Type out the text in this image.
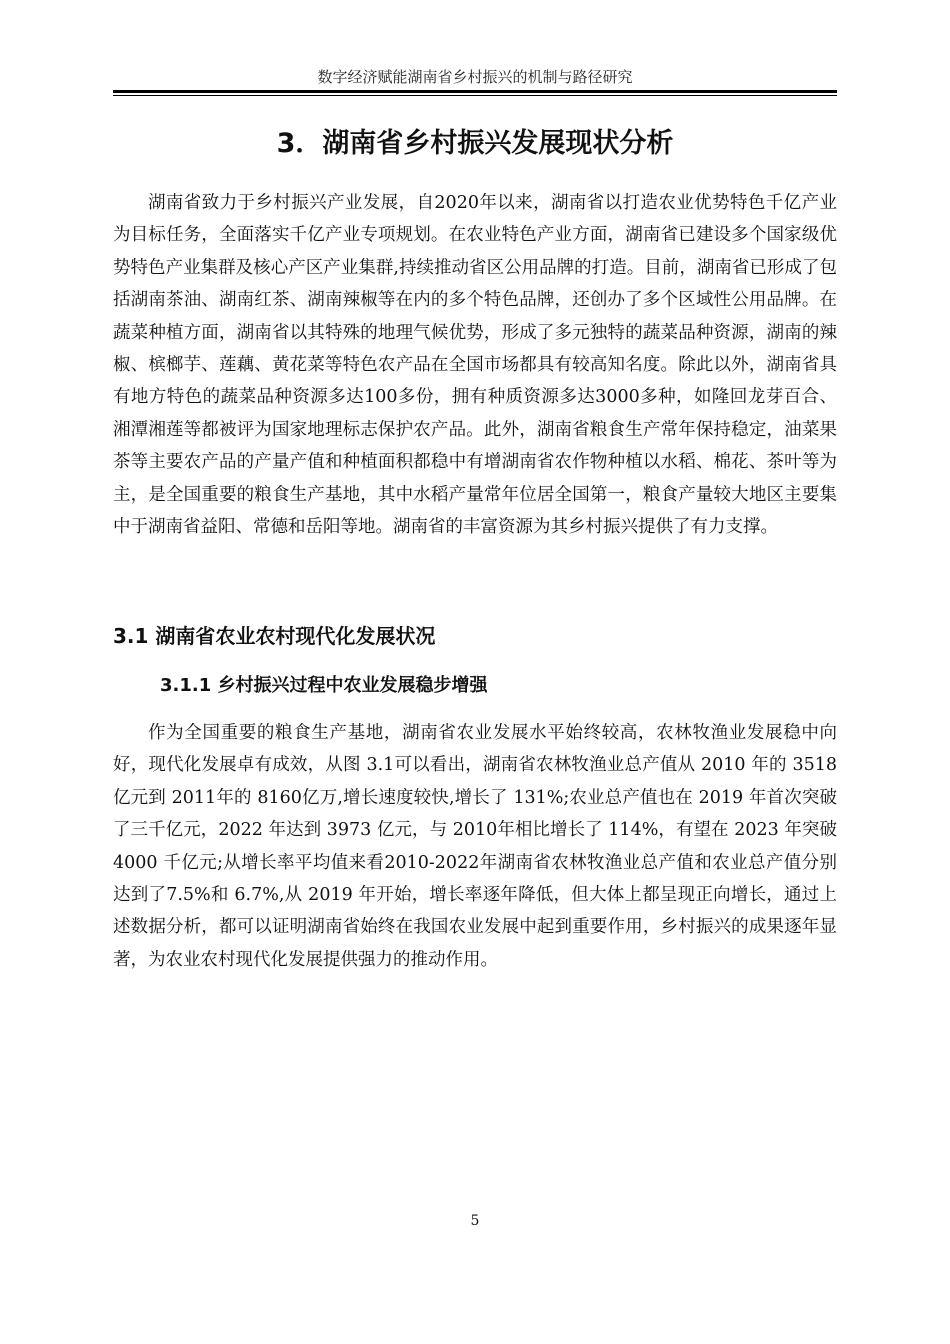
数字经济赋能湖南省乡村振兴的机制与路径研究
3．湖南省乡村振兴发展现状分析

湖南省致力于乡村振兴产业发展，自2020年以来，湖南省以打造农业优势特色千亿产业为目标任务，全面落实千亿产业专项规划。在农业特色产业方面，湖南省已建设多个国家级优势特色产业集群及核心产区产业集群,持续推动省区公用品牌的打造。目前，湖南省已形成了包括湖南茶油、湖南红茶、湖南辣椒等在内的多个特色品牌，还创办了多个区域性公用品牌。在蔬菜种植方面，湖南省以其特殊的地理气候优势，形成了多元独特的蔬菜品种资源，湖南的辣椒、槟榔芋、莲藕、黄花菜等特色农产品在全国市场都具有较高知名度。除此以外，湖南省具有地方特色的蔬菜品种资源多达100多份，拥有种质资源多达3000多种，如隆回龙芽百合、湘潭湘莲等都被评为国家地理标志保护农产品。此外，湖南省粮食生产常年保持稳定，油菜果茶等主要农产品的产量产值和种植面积都稳中有增湖南省农作物种植以水稻、棉花、茶叶等为主，是全国重要的粮食生产基地，其中水稻产量常年位居全国第一，粮食产量较大地区主要集中于湖南省益阳、常德和岳阳等地。湖南省的丰富资源为其乡村振兴提供了有力支撑。

3.1 湖南省农业农村现代化发展状况
3.1.1 乡村振兴过程中农业发展稳步增强

作为全国重要的粮食生产基地，湖南省农业发展水平始终较高，农林牧渔业发展稳中向好，现代化发展卓有成效，从图 3.1可以看出，湖南省农林牧渔业总产值从 2010 年的 3518 亿元到 2011年的 8160亿万,增长速度较快,增长了 131%;农业总产值也在 2019 年首次突破了三千亿元，2022 年达到 3973 亿元，与 2010年相比增长了 114%，有望在 2023 年突破 4000 千亿元;从增长率平均值来看2010-2022年湖南省农林牧渔业总产值和农业总产值分别达到了7.5%和 6.7%,从 2019 年开始，增长率逐年降低，但大体上都呈现正向增长，通过上述数据分析，都可以证明湖南省始终在我国农业发展中起到重要作用，乡村振兴的成果逐年显著，为农业农村现代化发展提供强力的推动作用。

5
